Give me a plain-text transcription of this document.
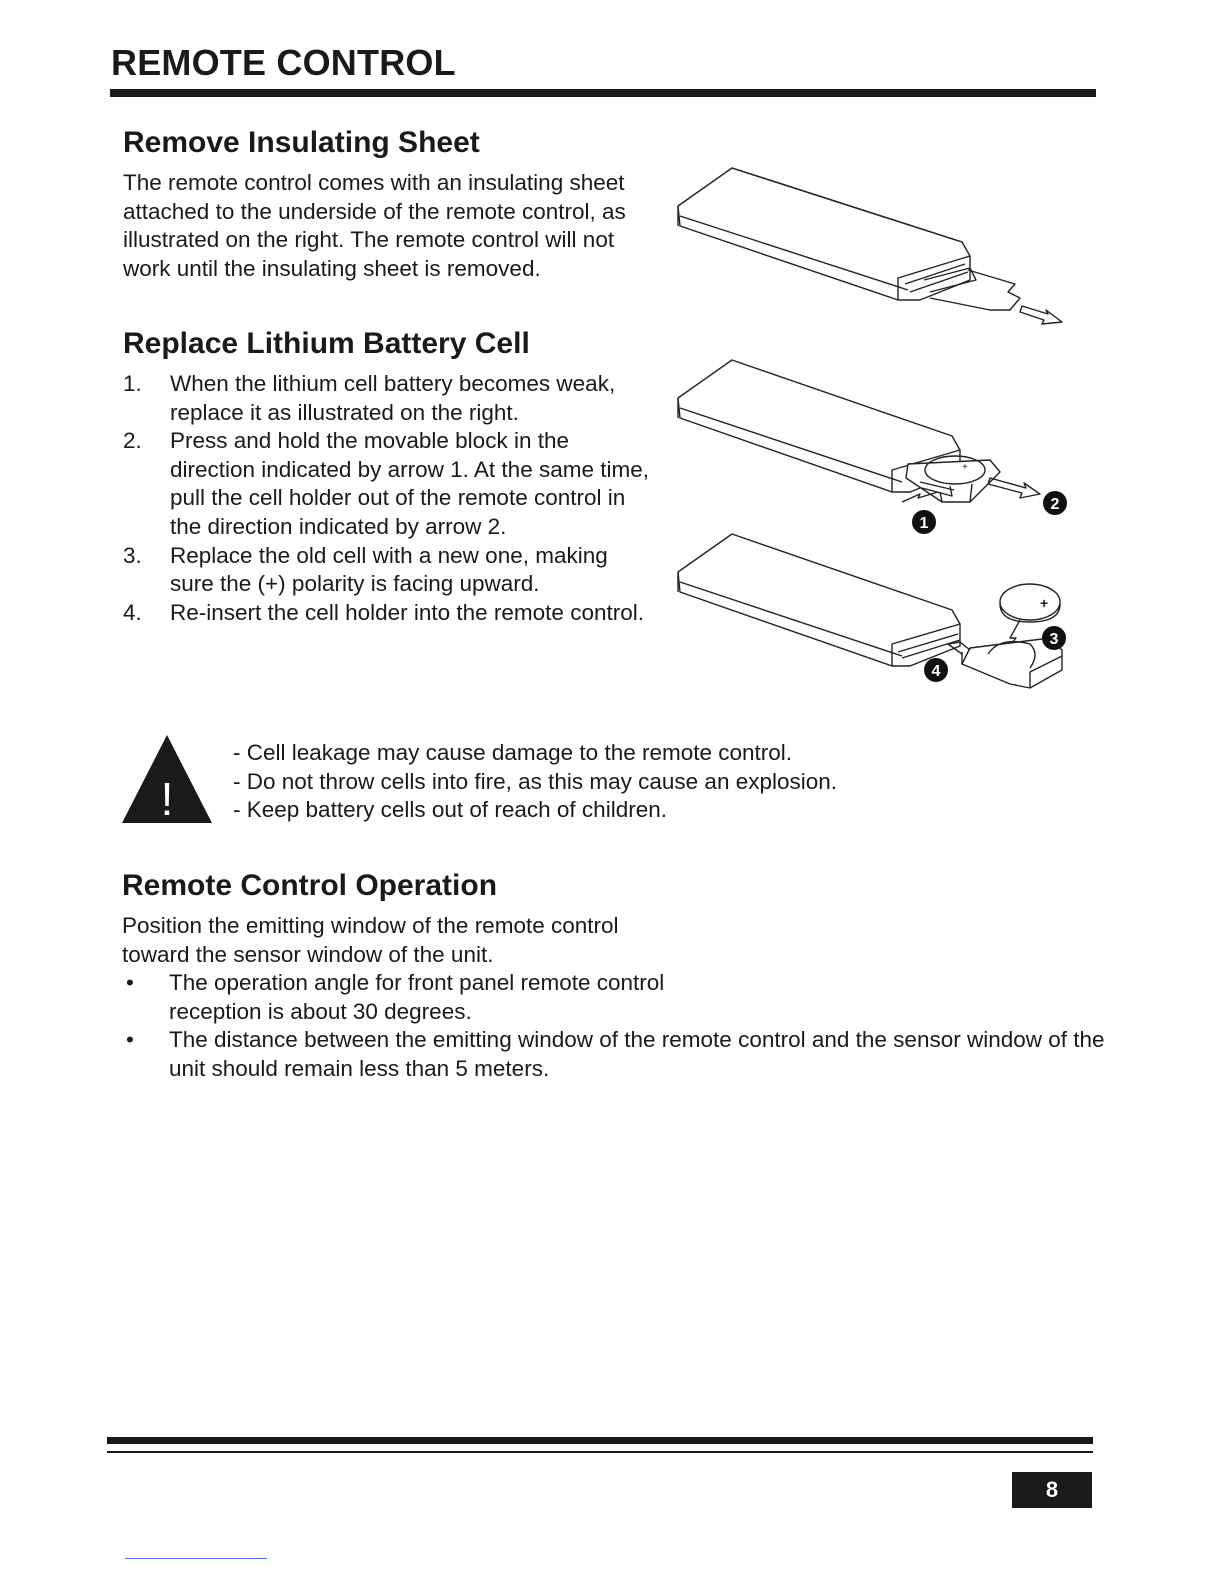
REMOTE CONTROL
Remove Insulating Sheet

The remote control comes with an insulating sheet attached to the underside of the remote control, as illustrated on the right. The remote control will not work until the insulating sheet is removed.

Replace Lithium Battery Cell
1. When the lithium cell battery becomes weak, replace it as illustrated on the right.
2. Press and hold the movable block in the direction indicated by arrow 1. At the same time, pull the cell holder out of the remote control in the direction indicated by arrow 2.
3. Replace the old cell with a new one, making sure the (+) polarity is facing upward.
4. Re-insert the cell holder into the remote control.
+
1
2
+
3
4
!
- Cell leakage may cause damage to the remote control.
- Do not throw cells into fire, as this may cause an explosion.
- Keep battery cells out of reach of children.
Remote Control Operation

Position the emitting window of the remote control toward the sensor window of the unit.

• The operation angle for front panel remote control reception is about 30 degrees.
• The distance between the emitting window of the remote control and the sensor window of the unit should remain less than 5 meters.
8
